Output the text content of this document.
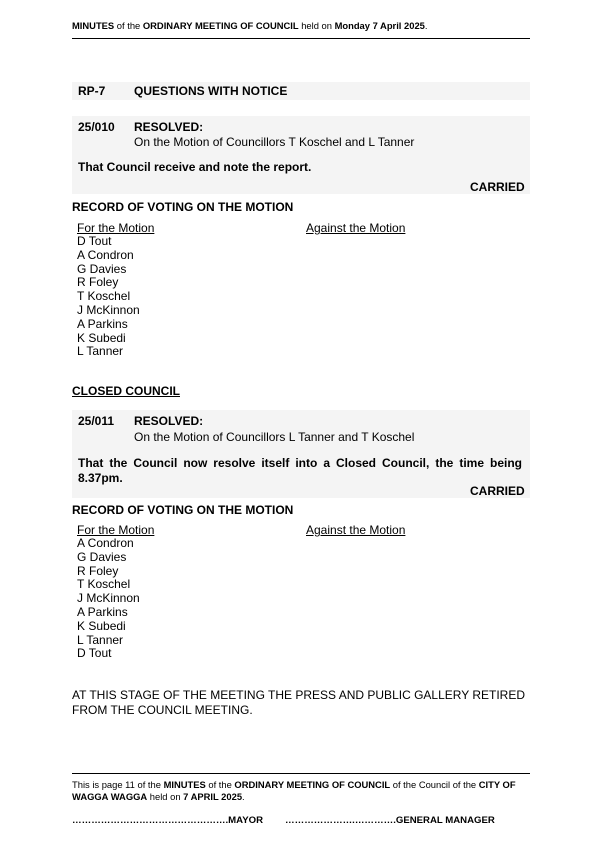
MINUTES of the ORDINARY MEETING OF COUNCIL held on Monday 7 April 2025.
RP-7 QUESTIONS WITH NOTICE
25/010 RESOLVED:
On the Motion of Councillors T Koschel and L Tanner
That Council receive and note the report.
CARRIED
RECORD OF VOTING ON THE MOTION
For the Motion	Against the Motion
D Tout
A Condron
G Davies
R Foley
T Koschel
J McKinnon
A Parkins
K Subedi
L Tanner
CLOSED COUNCIL
25/011 RESOLVED:
On the Motion of Councillors L Tanner and T Koschel
That the Council now resolve itself into a Closed Council, the time being 8.37pm.
CARRIED
RECORD OF VOTING ON THE MOTION
For the Motion	Against the Motion
A Condron
G Davies
R Foley
T Koschel
J McKinnon
A Parkins
K Subedi
L Tanner
D Tout
AT THIS STAGE OF THE MEETING THE PRESS AND PUBLIC GALLERY RETIRED FROM THE COUNCIL MEETING.
This is page 11 of the MINUTES of the ORDINARY MEETING OF COUNCIL of the Council of the CITY OF WAGGA WAGGA held on 7 APRIL 2025.
………………………………………….MAYOR ………………….………….GENERAL MANAGER
